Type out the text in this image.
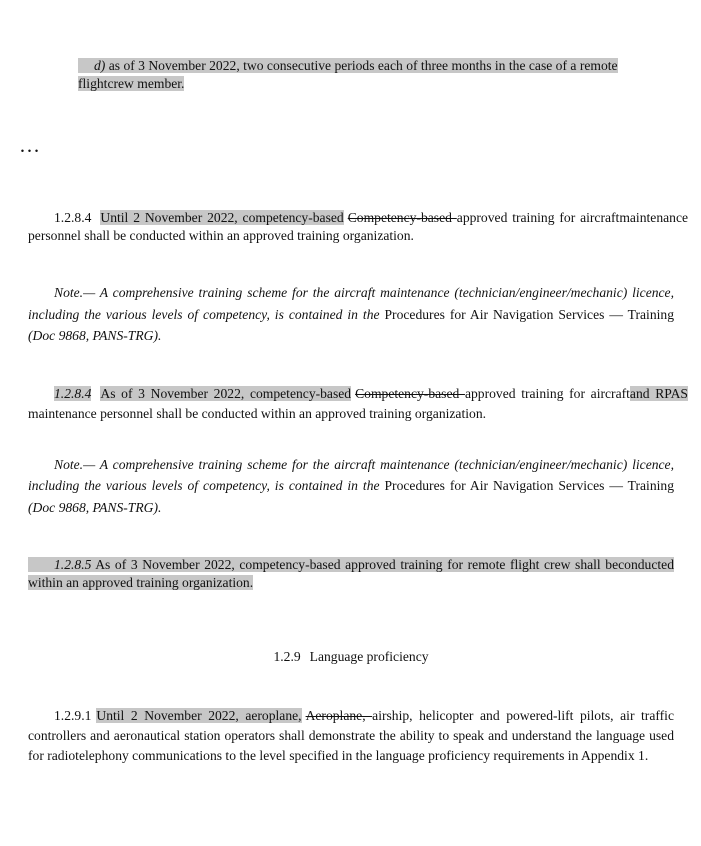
d) as of 3 November 2022, two consecutive periods each of three months in the case of a remote flightcrew member.

…

1.2.8.4 Until 2 November 2022, competency-based Competency-based approved training for aircraftmaintenance personnel shall be conducted within an approved training organization.

Note.— A comprehensive training scheme for the aircraft maintenance (technician/engineer/mechanic) licence, including the various levels of competency, is contained in the Procedures for Air Navigation Services — Training (Doc 9868, PANS-TRG).

1.2.8.4 As of 3 November 2022, competency-based Competency-based approved training for aircraftand RPAS maintenance personnel shall be conducted within an approved training organization.

Note.— A comprehensive training scheme for the aircraft maintenance (technician/engineer/mechanic) licence, including the various levels of competency, is contained in the Procedures for Air Navigation Services — Training (Doc 9868, PANS-TRG).

1.2.8.5 As of 3 November 2022, competency-based approved training for remote flight crew shall beconducted within an approved training organization.

1.2.9 Language proficiency

1.2.9.1 Until 2 November 2022, aeroplane, Aeroplane, airship, helicopter and powered-lift pilots, air traffic controllers and aeronautical station operators shall demonstrate the ability to speak and understand the language used for radiotelephony communications to the level specified in the language proficiency requirements in Appendix 1.
